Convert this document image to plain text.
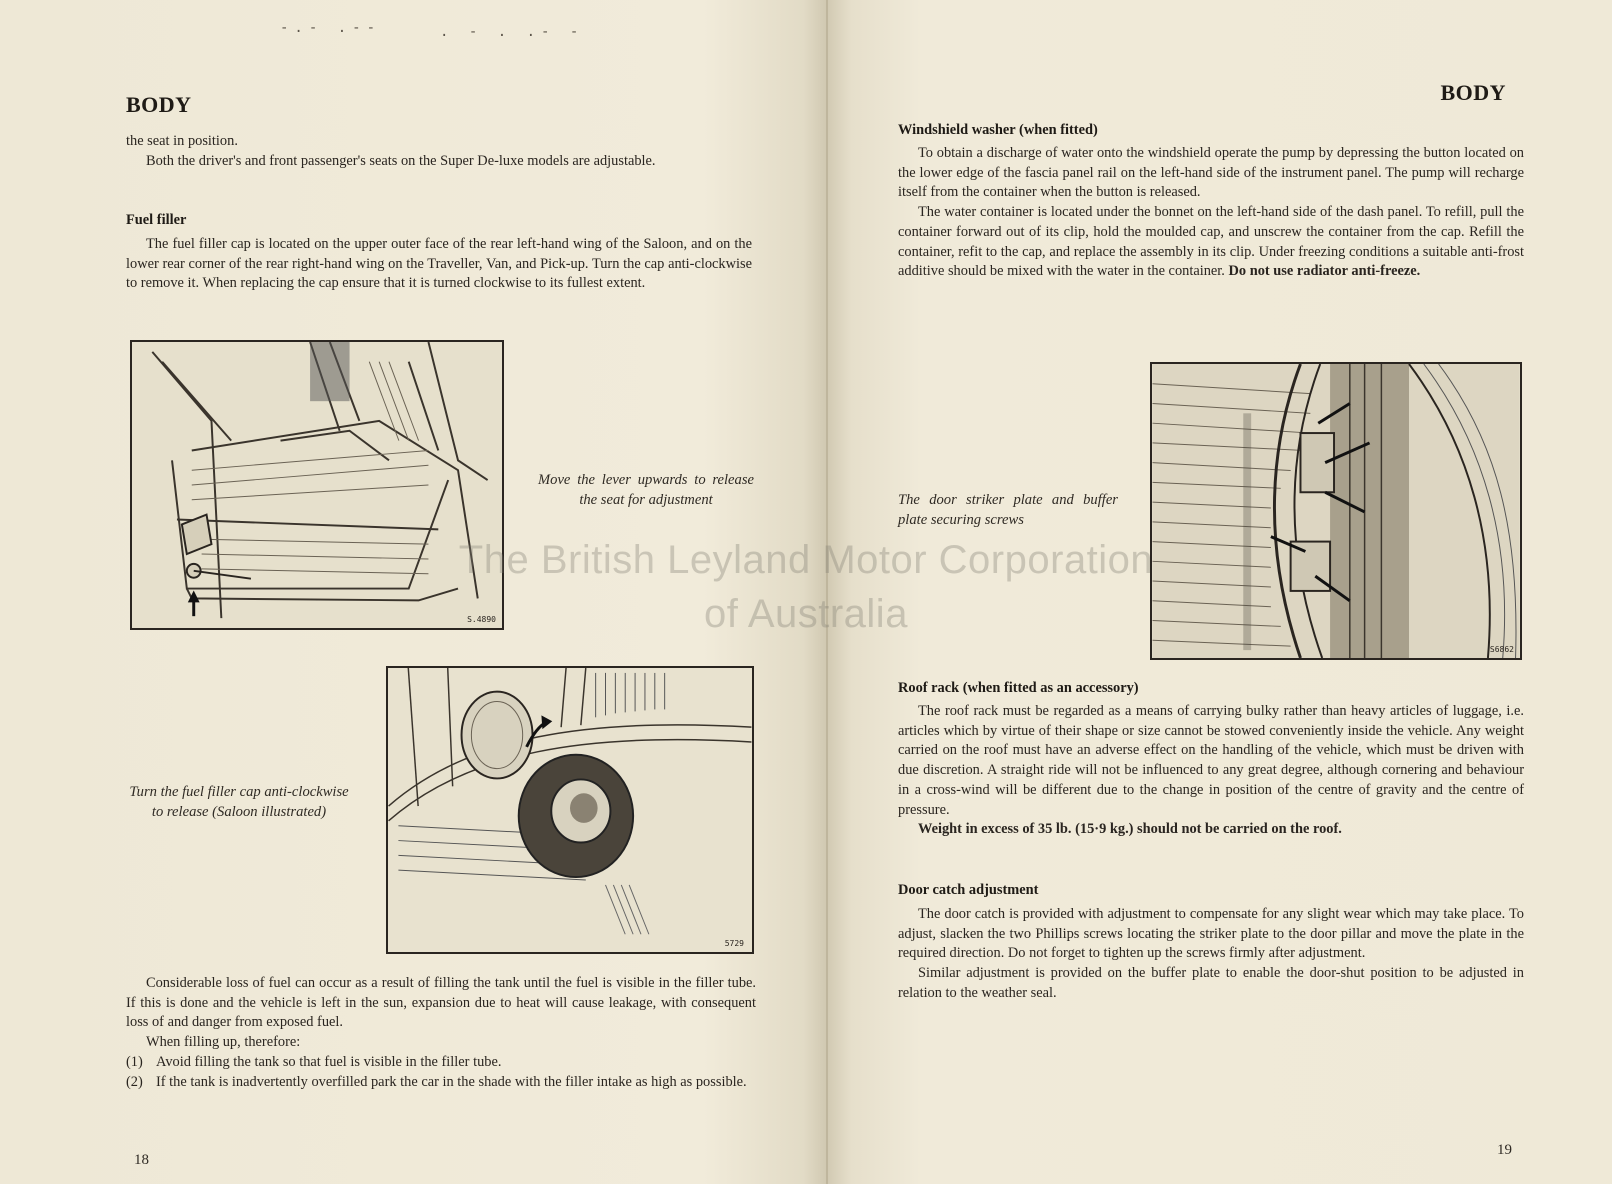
-.- .--	. - . .- -
BODY

the seat in position.

Both the driver's and front passenger's seats on the Super De-luxe models are adjustable.

Fuel filler

The fuel filler cap is located on the upper outer face of the rear left-hand wing of the Saloon, and on the lower rear corner of the rear right-hand wing on the Traveller, Van, and Pick-up. Turn the cap anti-clockwise to remove it. When replacing the cap ensure that it is turned clockwise to its fullest extent.

S.4890
Move the lever upwards to release the seat for adjustment
5729
Turn the fuel filler cap anti-clockwise to release (Saloon illustrated)

Considerable loss of fuel can occur as a result of filling the tank until the fuel is visible in the filler tube. If this is done and the vehicle is left in the sun, expansion due to heat will cause leakage, with consequent loss of and danger from exposed fuel.

When filling up, therefore:

(1) Avoid filling the tank so that fuel is visible in the filler tube.
(2) If the tank is inadvertently overfilled park the car in the shade with the filler intake as high as possible.
18
BODY
Windshield washer (when fitted)

To obtain a discharge of water onto the windshield operate the pump by depressing the button located on the lower edge of the fascia panel rail on the left-hand side of the instrument panel. The pump will recharge itself from the container when the button is released.

The water container is located under the bonnet on the left-hand side of the dash panel. To refill, pull the container forward out of its clip, hold the moulded cap, and unscrew the container from the cap. Refill the container, refit to the cap, and replace the assembly in its clip. Under freezing conditions a suitable anti-frost additive should be mixed with the water in the container. Do not use radiator anti-freeze.

S6862
The door striker plate and buffer plate securing screws
Roof rack (when fitted as an accessory)

The roof rack must be regarded as a means of carrying bulky rather than heavy articles of luggage, i.e. articles which by virtue of their shape or size cannot be stowed conveniently inside the vehicle. Any weight carried on the roof must have an adverse effect on the handling of the vehicle, which must be driven with due discretion. A straight ride will not be influenced to any great degree, although cornering and behaviour in a cross-wind will be different due to the change in position of the centre of gravity and the centre of pressure.

Weight in excess of 35 lb. (15·9 kg.) should not be carried on the roof.

Door catch adjustment

The door catch is provided with adjustment to compensate for any slight wear which may take place. To adjust, slacken the two Phillips screws locating the striker plate to the door pillar and move the plate in the required direction. Do not forget to tighten up the screws firmly after adjustment.

Similar adjustment is provided on the buffer plate to enable the door-shut position to be adjusted in relation to the weather seal.

19
The British Leyland Motor Corporation
of Australia
